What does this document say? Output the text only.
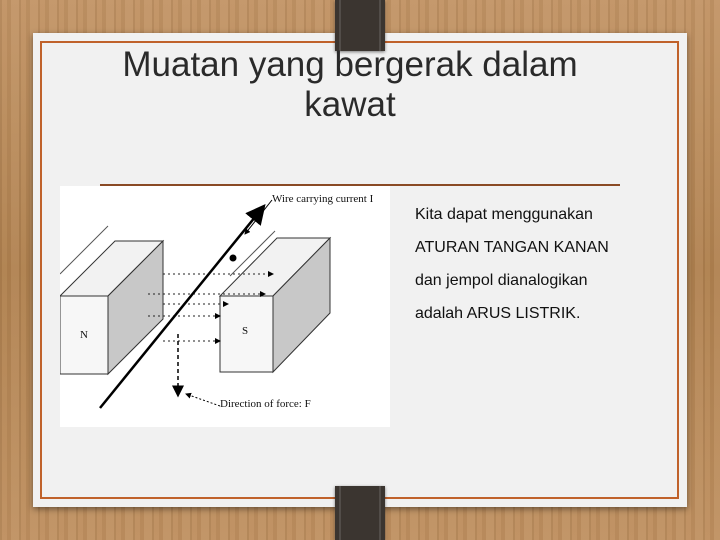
Muatan yang bergerak dalam kawat
Wire carrying current I
Direction of force: F
N	S

Kita dapat menggunakan

ATURAN TANGAN KANAN

dan jempol dianalogikan

adalah ARUS LISTRIK.
